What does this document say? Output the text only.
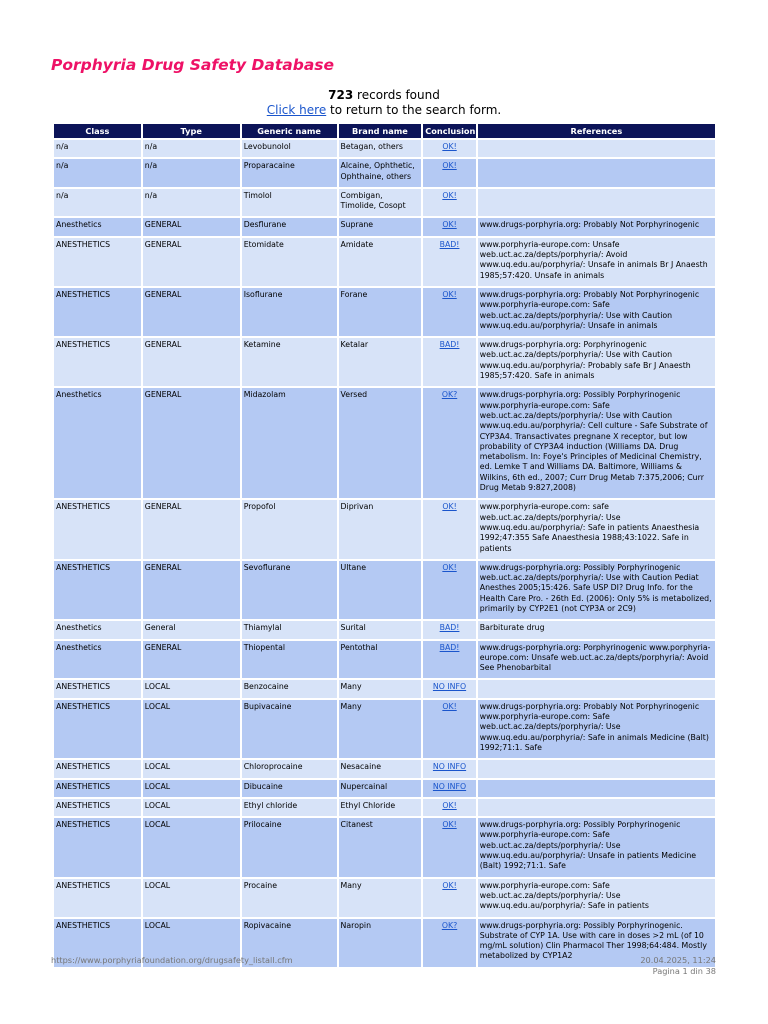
Porphyria Drug Safety Database
723 records found
Click here to return to the search form.
Class	Type	Generic name	Brand name	Conclusion	References
n/a	n/a	Levobunolol	Betagan, others	OK!	
n/a	n/a	Proparacaine	Alcaine, Ophthetic, Ophthaine, others	OK!	
n/a	n/a	Timolol	Combigan, Timolide, Cosopt	OK!	
Anesthetics	GENERAL	Desflurane	Suprane	OK!	www.drugs-porphyria.org: Probably Not Porphyrinogenic
ANESTHETICS	GENERAL	Etomidate	Amidate	BAD!	www.porphyria-europe.com: Unsafe web.uct.ac.za/depts/porphyria/: Avoid www.uq.edu.au/porphyria/: Unsafe in animals Br J Anaesth 1985;57:420. Unsafe in animals
ANESTHETICS	GENERAL	Isoflurane	Forane	OK!	www.drugs-porphyria.org: Probably Not Porphyrinogenic www.porphyria-europe.com: Safe web.uct.ac.za/depts/porphyria/: Use with Caution www.uq.edu.au/porphyria/: Unsafe in animals
ANESTHETICS	GENERAL	Ketamine	Ketalar	BAD!	www.drugs-porphyria.org: Porphyrinogenic web.uct.ac.za/depts/porphyria/: Use with Caution www.uq.edu.au/porphyria/: Probably safe Br J Anaesth 1985;57:420. Safe in animals
Anesthetics	GENERAL	Midazolam	Versed	OK?	www.drugs-porphyria.org: Possibly Porphyrinogenic www.porphyria-europe.com: Safe web.uct.ac.za/depts/porphyria/: Use with Caution www.uq.edu.au/porphyria/: Cell culture - Safe Substrate of CYP3A4. Transactivates pregnane X receptor, but low probability of CYP3A4 induction (Williams DA. Drug metabolism. In: Foye's Principles of Medicinal Chemistry, ed. Lemke T and Williams DA. Baltimore, Williams & Wilkins, 6th ed., 2007; Curr Drug Metab 7:375,2006; Curr Drug Metab 9:827,2008)
ANESTHETICS	GENERAL	Propofol	Diprivan	OK!	www.porphyria-europe.com: safe web.uct.ac.za/depts/porphyria/: Use www.uq.edu.au/porphyria/: Safe in patients Anaesthesia 1992;47:355 Safe Anaesthesia 1988;43:1022. Safe in patients
ANESTHETICS	GENERAL	Sevoflurane	Ultane	OK!	www.drugs-porphyria.org: Possibly Porphyrinogenic web.uct.ac.za/depts/porphyria/: Use with Caution Pediat Anesthes 2005;15:426. Safe USP DI? Drug Info. for the Health Care Pro. - 26th Ed. (2006): Only 5% is metabolized, primarily by CYP2E1 (not CYP3A or 2C9)
Anesthetics	General	Thiamylal	Surital	BAD!	Barbiturate drug
Anesthetics	GENERAL	Thiopental	Pentothal	BAD!	www.drugs-porphyria.org: Porphyrinogenic www.porphyria-europe.com: Unsafe web.uct.ac.za/depts/porphyria/: Avoid See Phenobarbital
ANESTHETICS	LOCAL	Benzocaine	Many	NO INFO	
ANESTHETICS	LOCAL	Bupivacaine	Many	OK!	www.drugs-porphyria.org: Probably Not Porphyrinogenic www.porphyria-europe.com: Safe web.uct.ac.za/depts/porphyria/: Use www.uq.edu.au/porphyria/: Safe in animals Medicine (Balt) 1992;71:1. Safe
ANESTHETICS	LOCAL	Chloroprocaine	Nesacaine	NO INFO	
ANESTHETICS	LOCAL	Dibucaine	Nupercainal	NO INFO	
ANESTHETICS	LOCAL	Ethyl chloride	Ethyl Chloride	OK!	
ANESTHETICS	LOCAL	Prilocaine	Citanest	OK!	www.drugs-porphyria.org: Possibly Porphyrinogenic www.porphyria-europe.com: Safe web.uct.ac.za/depts/porphyria/: Use www.uq.edu.au/porphyria/: Unsafe in patients Medicine (Balt) 1992;71:1. Safe
ANESTHETICS	LOCAL	Procaine	Many	OK!	www.porphyria-europe.com: Safe web.uct.ac.za/depts/porphyria/: Use www.uq.edu.au/porphyria/: Safe in patients
ANESTHETICS	LOCAL	Ropivacaine	Naropin	OK?	www.drugs-porphyria.org: Possibly Porphyrinogenic. Substrate of CYP 1A. Use with care in doses >2 mL (of 10 mg/mL solution) Clin Pharmacol Ther 1998;64:484. Mostly metabolized by CYP1A2
https://www.porphyriafoundation.org/drugsafety_listall.cfm	20.04.2025, 11:24
Pagina 1 din 38
